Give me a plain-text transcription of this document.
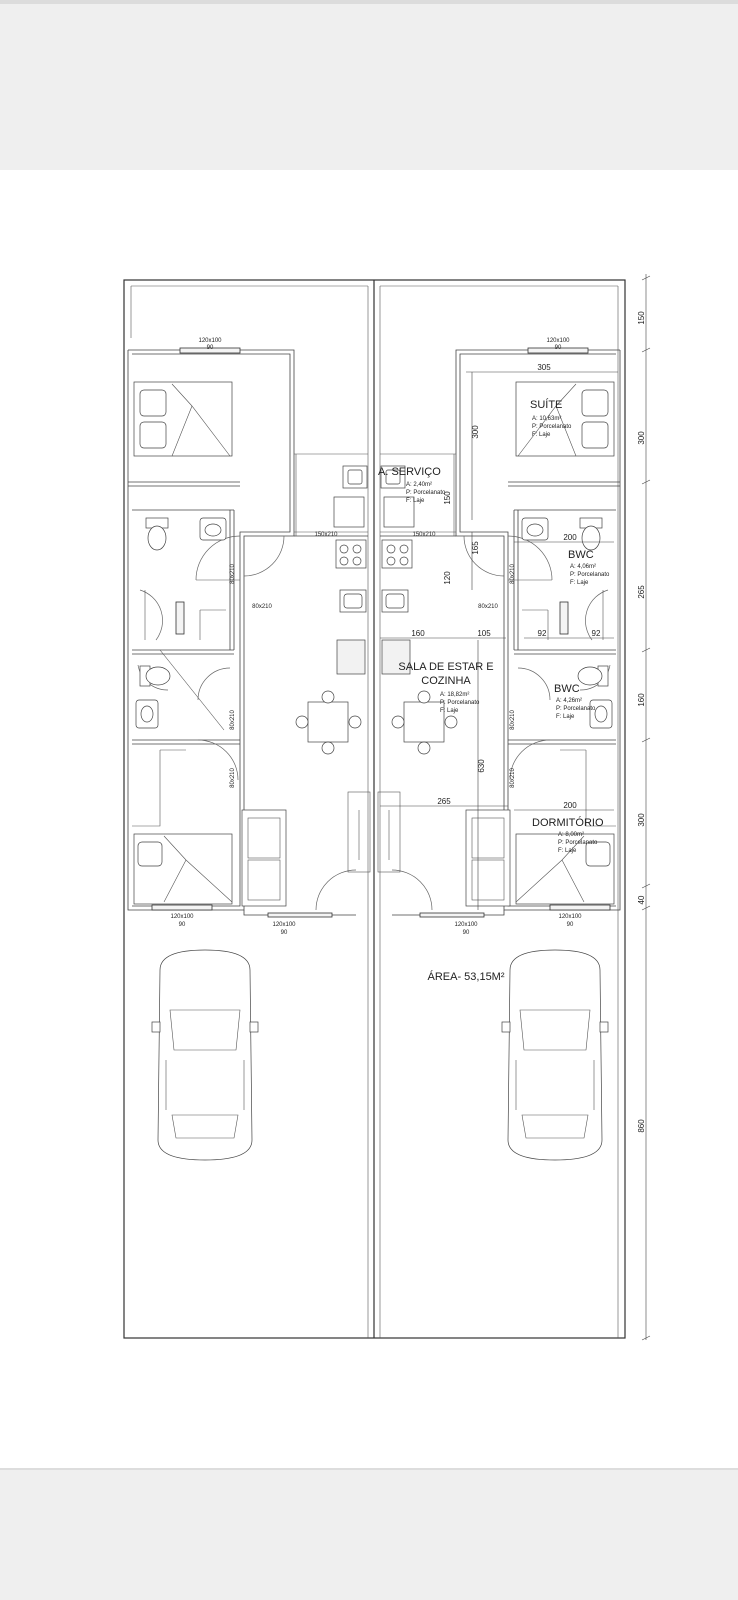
150
300
265
160
300
40
860
305
300
150
200
165
120
160	105	92	92
630
265	200
120x100
90
120x100
90
120x100
90
120x100
90
120x100
90
120x100
90
150x210	150x210
80x210	80x210
80x210
80x210
80x210
80x210
80x210
80x210
A. SERVIÇO
A: 2,40m²
P: Porcelanato
F: Laje
SUÍTE
A: 10,63m²
P: Porcelanato
F: Laje
BWC
A: 4,06m²
P: Porcelanato
F: Laje
SALA DE ESTAR E
COZINHA
A: 18,82m²
P: Porcelanato
F: Laje
BWC
A: 4,26m²
P: Porcelanato
F: Laje
DORMITÓRIO
A: 8,00m²
P: Porcelanato
F: Laje
ÁREA- 53,15M²
